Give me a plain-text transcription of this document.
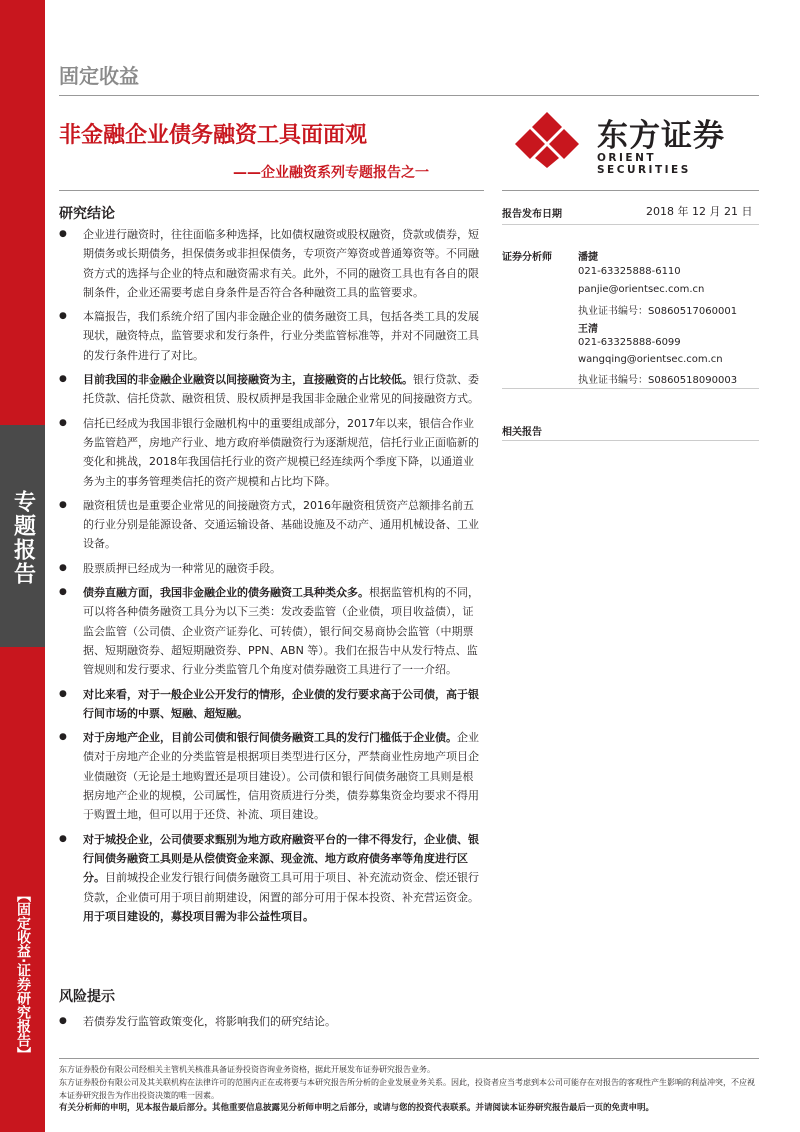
专题报告
【固定收益·证券研究报告】
固定收益
非金融企业债务融资工具面面观
——企业融资系列专题报告之一
东方证券
ORIENT SECURITIES
研究结论
● 企业进行融资时，往往面临多种选择，比如债权融资或股权融资，贷款或债券，短期债务或长期债务，担保债务或非担保债务，专项资产筹资或普通筹资等。不同融资方式的选择与企业的特点和融资需求有关。此外，不同的融资工具也有各自的限制条件，企业还需要考虑自身条件是否符合各种融资工具的监管要求。
● 本篇报告，我们系统介绍了国内非金融企业的债务融资工具，包括各类工具的发展现状，融资特点，监管要求和发行条件，行业分类监管标准等，并对不同融资工具的发行条件进行了对比。
● 目前我国的非金融企业融资以间接融资为主，直接融资的占比较低。银行贷款、委托贷款、信托贷款、融资租赁、股权质押是我国非金融企业常见的间接融资方式。
● 信托已经成为我国非银行金融机构中的重要组成部分，2017年以来，银信合作业务监管趋严，房地产行业、地方政府举债融资行为逐渐规范，信托行业正面临新的变化和挑战，2018年我国信托行业的资产规模已经连续两个季度下降，以通道业务为主的事务管理类信托的资产规模和占比均下降。
● 融资租赁也是重要企业常见的间接融资方式，2016年融资租赁资产总额排名前五的行业分别是能源设备、交通运输设备、基础设施及不动产、通用机械设备、工业设备。
● 股票质押已经成为一种常见的融资手段。
● 债券直融方面，我国非金融企业的债务融资工具种类众多。根据监管机构的不同，可以将各种债务融资工具分为以下三类：发改委监管（企业债，项目收益债），证监会监管（公司债、企业资产证券化、可转债），银行间交易商协会监管（中期票据、短期融资券、超短期融资券、PPN、ABN 等）。我们在报告中从发行特点、监管规则和发行要求、行业分类监管几个角度对债券融资工具进行了一一介绍。
● 对比来看，对于一般企业公开发行的情形，企业债的发行要求高于公司债，高于银行间市场的中票、短融、超短融。
● 对于房地产企业，目前公司债和银行间债务融资工具的发行门槛低于企业债。企业债对于房地产企业的分类监管是根据项目类型进行区分，严禁商业性房地产项目企业债融资（无论是土地购置还是项目建设）。公司债和银行间债务融资工具则是根据房地产企业的规模，公司属性，信用资质进行分类，债券募集资金均要求不得用于购置土地，但可以用于还贷、补流、项目建设。
● 对于城投企业，公司债要求甄别为地方政府融资平台的一律不得发行，企业债、银行间债务融资工具则是从偿债资金来源、现金流、地方政府债务率等角度进行区分。目前城投企业发行银行间债务融资工具可用于项目、补充流动资金、偿还银行贷款，企业债可用于项目前期建设，闲置的部分可用于保本投资、补充营运资金。用于项目建设的，募投项目需为非公益性项目。
风险提示
● 若债券发行监管政策变化，将影响我们的研究结论。
报告发布日期	2018 年 12 月 21 日
证券分析师	潘捷
021-63325888-6110
panjie@orientsec.com.cn
执业证书编号：S0860517060001
王清
021-63325888-6099
wangqing@orientsec.com.cn
执业证书编号：S0860518090003
相关报告
东方证券股份有限公司经相关主管机关核准具备证券投资咨询业务资格，据此开展发布证券研究报告业务。
东方证券股份有限公司及其关联机构在法律许可的范围内正在或将要与本研究报告所分析的企业发展业务关系。因此，投资者应当考虑到本公司可能存在对报告的客观性产生影响的利益冲突，不应视本证券研究报告为作出投资决策的唯一因素。
有关分析师的申明，见本报告最后部分。其他重要信息披露见分析师申明之后部分，或请与您的投资代表联系。并请阅读本证券研究报告最后一页的免责申明。
